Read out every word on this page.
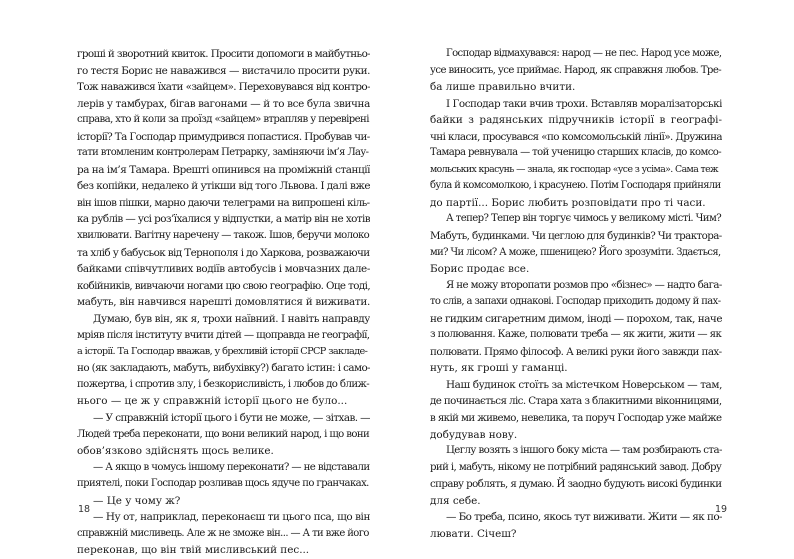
гроші й зворотний квиток. Просити допомоги в майбутньо-

го тестя Борис не наважився — вистачило просити руки.

Тож наважився їхати «зайцем». Переховувався від контро-

лерів у тамбурах, бігав вагонами — й то все була звична

справа, хто й коли за проїзд «зайцем» втрапляв у перевірені

історії? Та Господар примудрився попастися. Пробував чи-

тати втомленим контролерам Петрарку, заміняючи ім’я Лау-

ра на ім’я Тамара. Врешті опинився на проміжній станції

без копійки, недалеко й утікши від того Львова. І далі вже

він ішов пішки, марно даючи телеграми на випрошені кіль-

ка рублів — усі роз’їхалися у відпустки, а матір він не хотів

хвилювати. Вагітну наречену — також. Ішов, беручи молоко

та хліб у бабусьок від Тернополя і до Харкова, розважаючи

байками співчутливих водіїв автобусів і мовчазних дале-

кобійників, вивчаючи ногами цю свою географію. Оце тоді,

мабуть, він навчився нарешті домовлятися й виживати.

Думаю, був він, як я, трохи наївний. І навіть направду

мріяв після інституту вчити дітей — щоправда не географії,

а історії. Та Господар вважав, у брехливій історії СРСР закладе-

но (як закладають, мабуть, вибухівку?) багато істин: і само-

пожертва, і спротив злу, і безкорисливість, і любов до ближ-

нього — це ж у справжній історії цього не було...

— У справжній історії цього і бути не може, — зітхав. —

Людей треба переконати, що вони великий народ, і що вони

обов’язково здійснять щось велике.

— А якщо в чомусь іншому переконати? — не відставали

приятелі, поки Господар розливав щось ядуче по гранчаках.

— Це у чому ж?

— Ну от, наприклад, переконаєш ти цього пса, що він

справжній мисливець. Але ж не зможе він... — А ти вже його

переконав, що він твій мисливський пес...

18

Господар відмахувався: народ — не пес. Народ усе може,

усе виносить, усе приймає. Народ, як справжня любов. Тре-

ба лише правильно вчити.

І Господар таки вчив трохи. Вставляв моралізаторські

байки з радянських підручників історії в географі-

чні класи, просувався «по комсомольській лінії». Дружина

Тамара ревнувала — той ученицю старших класів, до комсо-

мольських красунь — знала, як господар «усе з усіма». Сама теж

була й комсомолкою, і красунею. Потім Господаря прийняли

до партії... Борис любить розповідати про ті часи.

А тепер? Тепер він торгує чимось у великому місті. Чим?

Мабуть, будинками. Чи цеглою для будинків? Чи трактора-

ми? Чи лісом? А може, пшеницею? Його зрозуміти. Здається,

Борис продає все.

Я не можу второпати розмов про «бізнес» — надто бага-

то слів, а запахи однакові. Господар приходить додому й пах-

не гидким сигаретним димом, іноді — порохом, так, наче

з полювання. Каже, полювати треба — як жити, жити — як

полювати. Прямо філософ. А великі руки його завжди пах-

нуть, як гроші у гаманці.

Наш будинок стоїть за містечком Новерськом — там,

де починається ліс. Стара хата з блакитними віконницями,

в якій ми живемо, невелика, та поруч Господар уже майже

добудував нову.

Цеглу возять з іншого боку міста — там розбирають ста-

рий і, мабуть, нікому не потрібний радянський завод. Добру

справу роблять, я думаю. Й заодно будують високі будинки

для себе.

— Бо треба, псино, якось тут виживати. Жити — як по-

лювати. Січеш?

19
